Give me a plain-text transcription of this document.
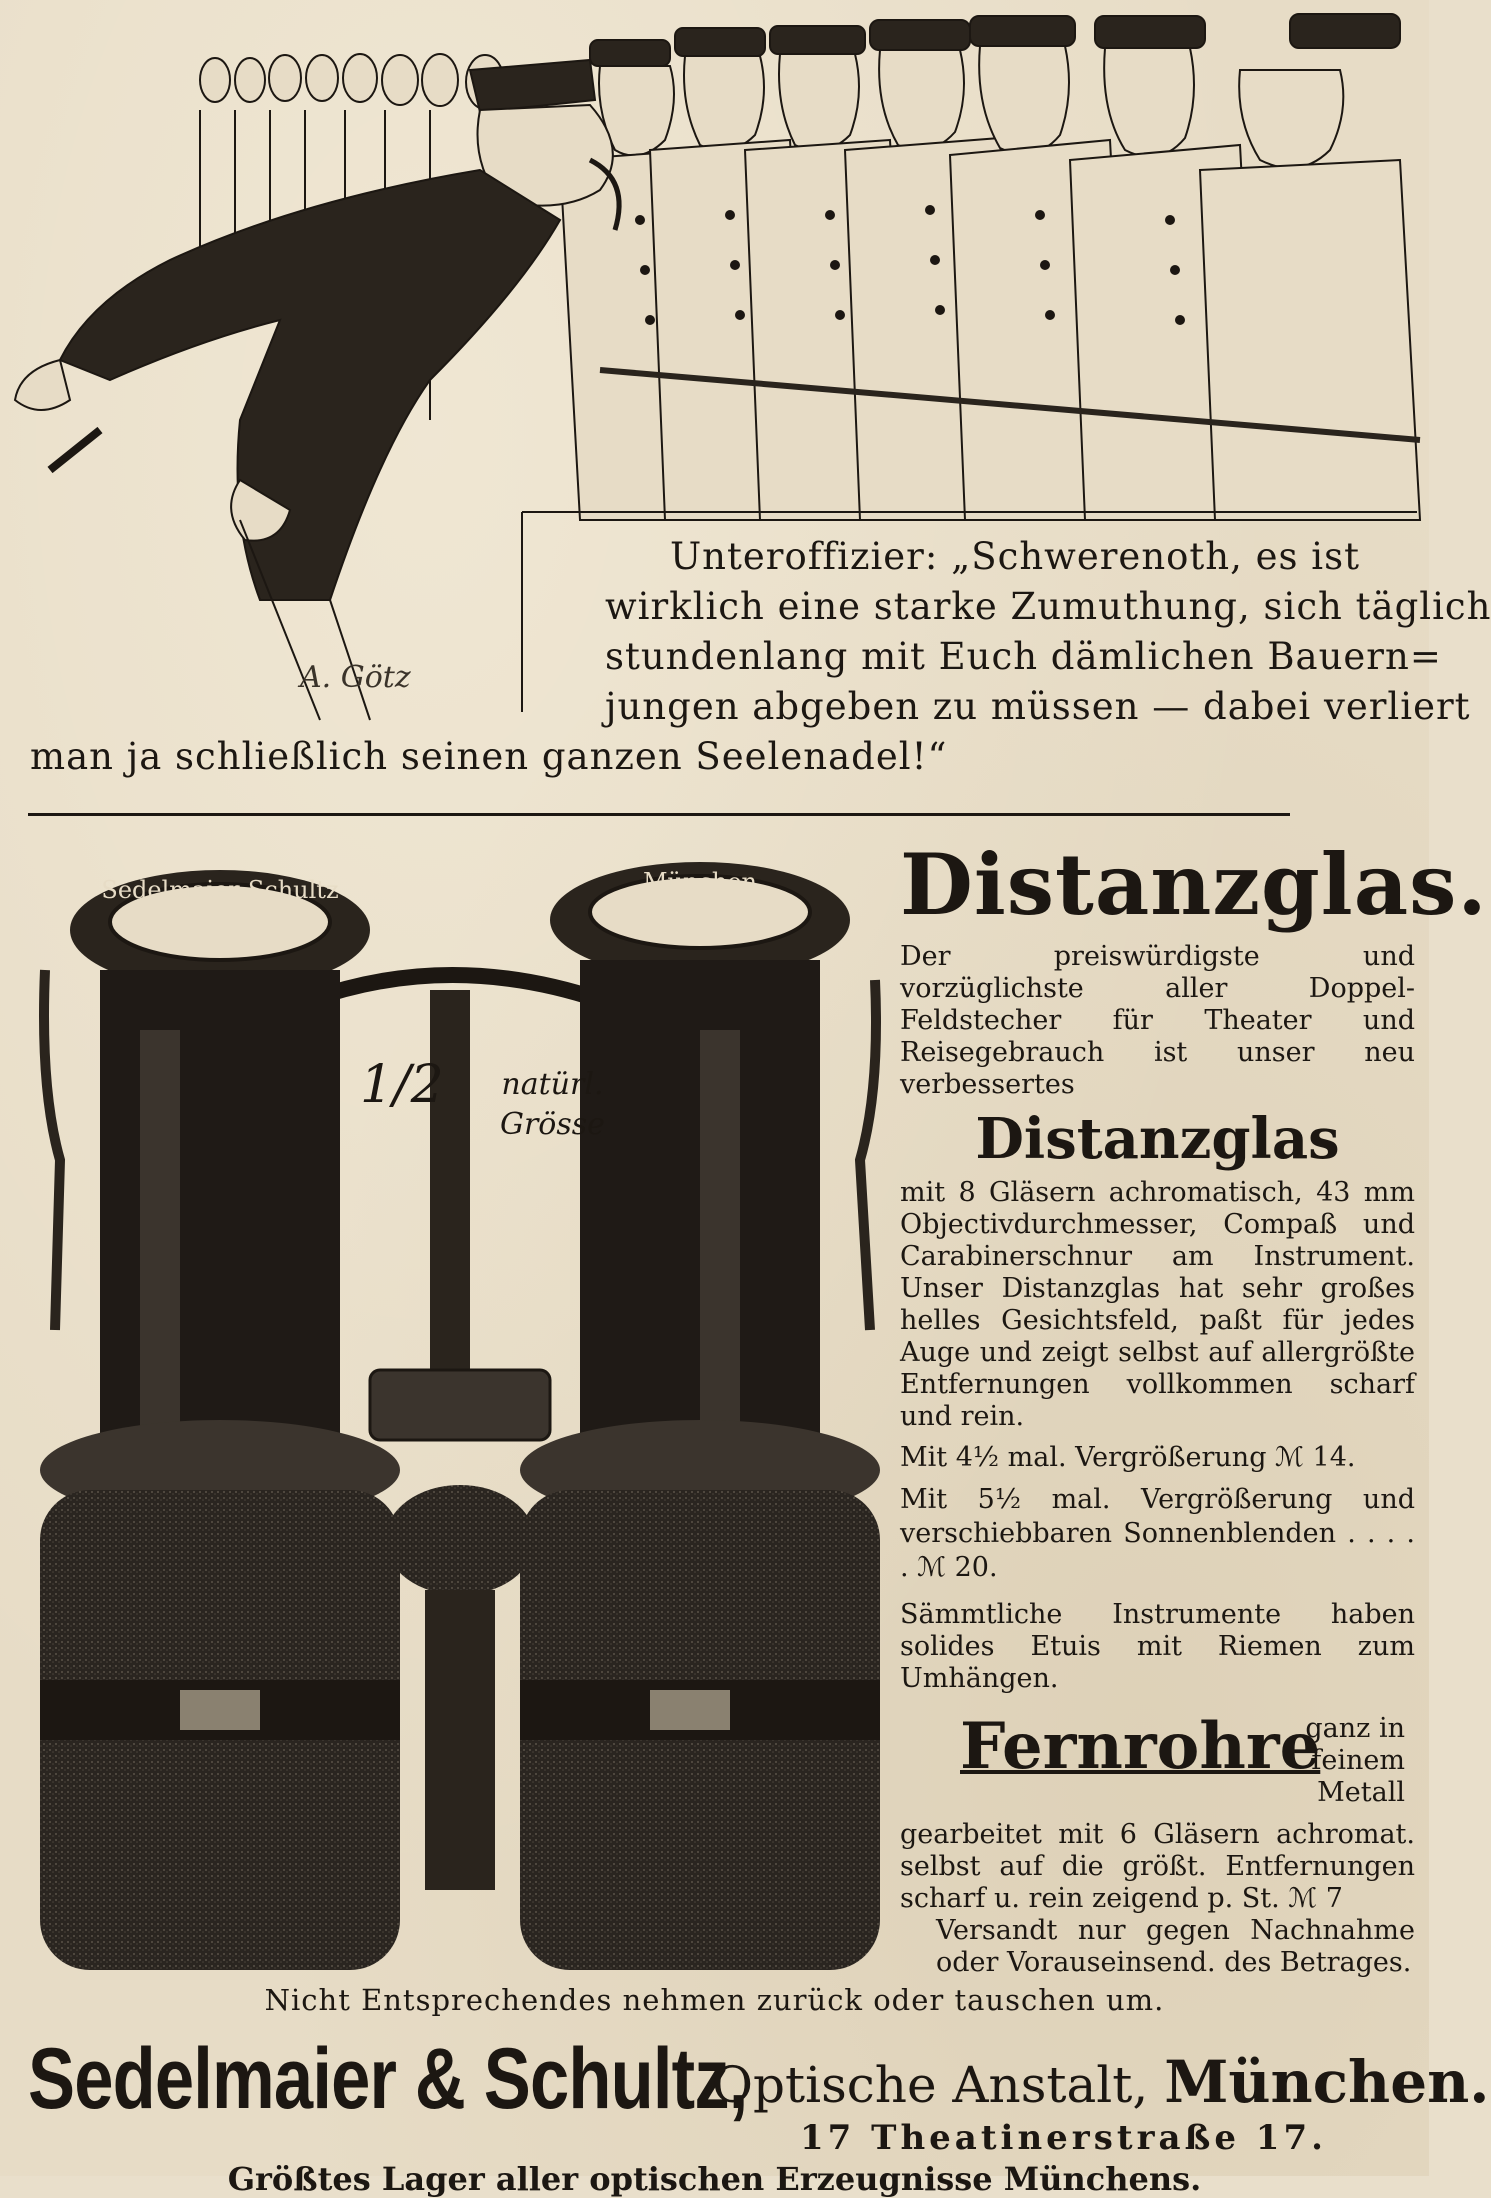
Unteroffizier: „Schwerenoth, es ist
wirklich eine starke Zumuthung, sich täglich
stundenlang mit Euch dämlichen Bauern=
jungen abgeben zu müssen — dabei verliert
man ja schließlich seinen ganzen Seelenadel!“
A. Götz
Sedelmaier-Schultz	München
1/2 natürl.
Grösse
Distanzglas.

Der preiswürdigste und vorzüglichste aller Doppel-Feldstecher für Theater und Reisegebrauch ist unser neu verbessertes

Distanzglas

mit 8 Gläsern achromatisch, 43 mm Objectivdurchmesser, Compaß und Carabinerschnur am Instrument. Unser Distanzglas hat sehr großes helles Gesichtsfeld, paßt für jedes Auge und zeigt selbst auf allergrößte Entfernungen vollkommen scharf und rein.

Mit 4½ mal. Vergrößerung ℳ 14.

Mit 5½ mal. Vergrößerung und verschiebbaren Sonnenblenden . . . . . ℳ 20.

Sämmtliche Instrumente haben solides Etuis mit Riemen zum Umhängen.

Fernrohre
ganz in
feinem
Metall

gearbeitet mit 6 Gläsern achromat. selbst auf die größt. Entfernungen scharf u. rein zeigend p. St. ℳ 7

Versandt nur gegen Nachnahme oder Vorauseinsend. des Betrages.

Nicht Entsprechendes nehmen zurück oder tauschen um.
Sedelmaier & Schultz,
Optische Anstalt, München.
17 Theatinerstraße 17.
Größtes Lager aller optischen Erzeugnisse Münchens.
